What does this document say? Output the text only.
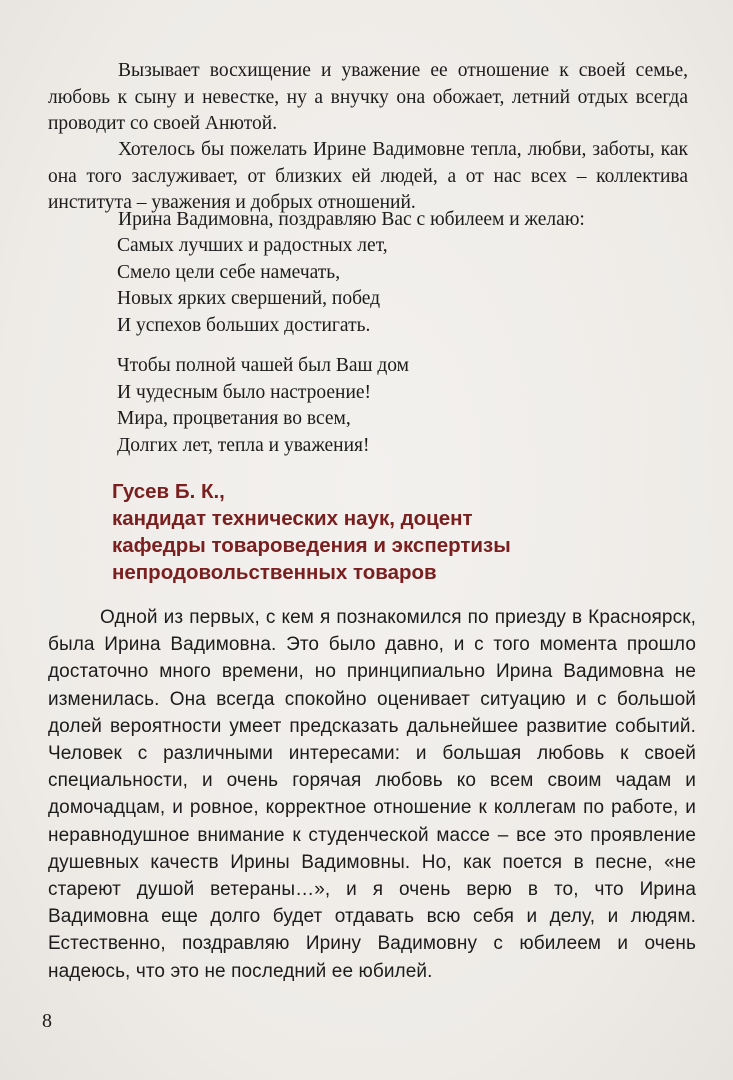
Вызывает восхищение и уважение ее отношение к своей семье, любовь к сыну и невестке, ну а внучку она обожает, летний отдых всегда проводит со своей Анютой.

Хотелось бы пожелать Ирине Вадимовне тепла, любви, заботы, как она того заслуживает, от близких ей людей, а от нас всех – коллектива института – уважения и добрых отношений.

Ирина Вадимовна, поздравляю Вас с юбилеем и желаю:

Самых лучших и радостных лет,
Смело цели себе намечать,
Новых ярких свершений, побед
И успехов больших достигать.
Чтобы полной чашей был Ваш дом
И чудесным было настроение!
Мира, процветания во всем,
Долгих лет, тепла и уважения!
Гусев Б. К.,
кандидат технических наук, доцент
кафедры товароведения и экспертизы
непродовольственных товаров

Одной из первых, с кем я познакомился по приезду в Красноярск, была Ирина Вадимовна. Это было давно, и с того момента прошло достаточно много времени, но принципиально Ирина Вадимовна не изменилась. Она всегда спокойно оценивает ситуацию и с большой долей вероятности умеет предсказать дальнейшее развитие событий. Человек с различными интересами: и большая любовь к своей специальности, и очень горячая любовь ко всем своим чадам и домочадцам, и ровное, корректное отношение к коллегам по работе, и неравнодушное внимание к студенческой массе – все это проявление душевных качеств Ирины Вадимовны. Но, как поется в песне, «не стареют душой ветераны…», и я очень верю в то, что Ирина Вадимовна еще долго будет отдавать всю себя и делу, и людям. Естественно, поздравляю Ирину Вадимовну с юбилеем и очень надеюсь, что это не последний ее юбилей.

8
